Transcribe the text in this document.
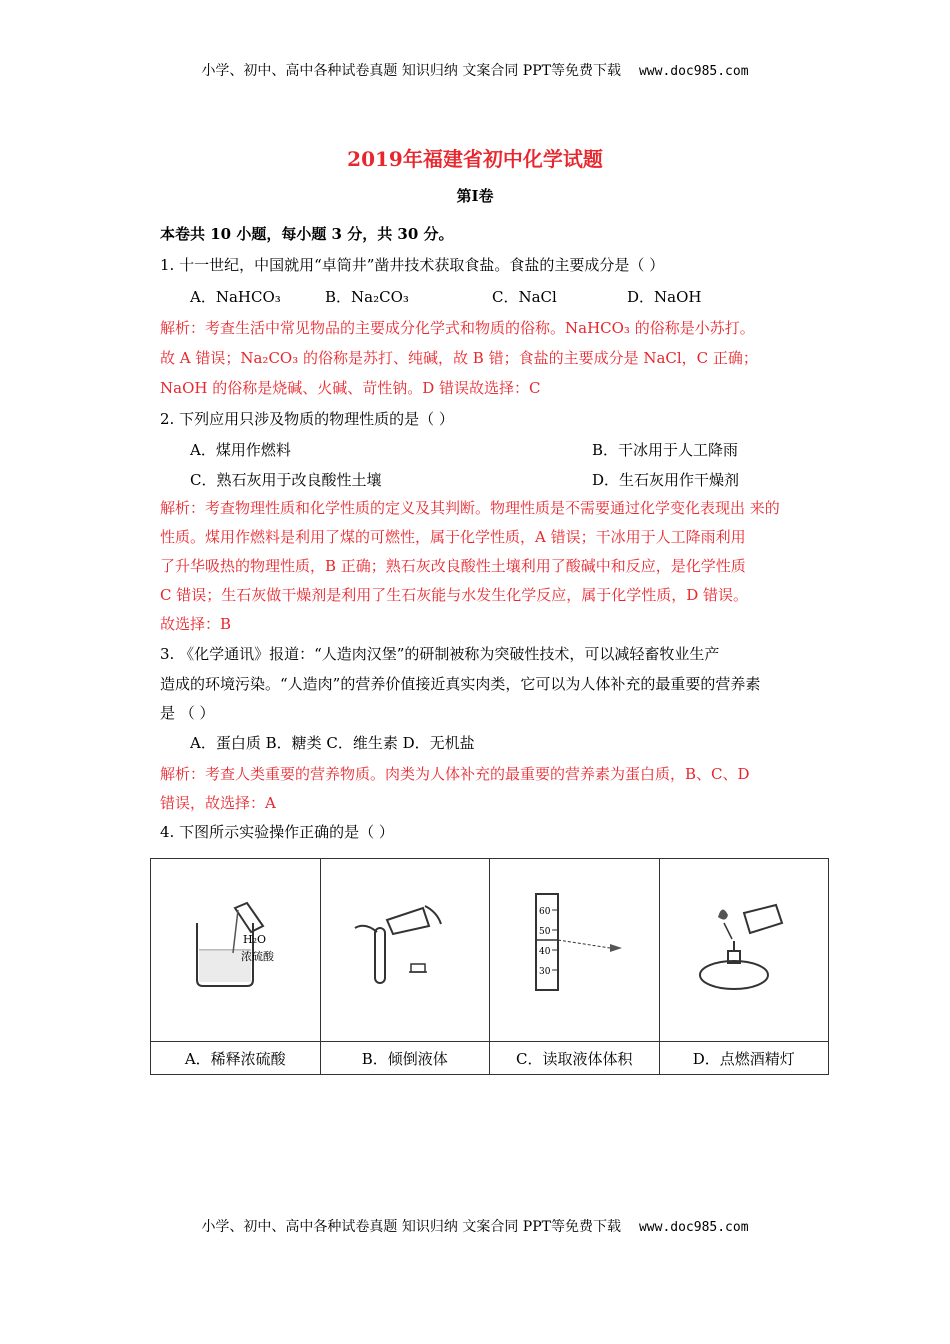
小学、初中、高中各种试卷真题 知识归纳 文案合同 PPT等免费下载 www.doc985.com
2019年福建省初中化学试题
第Ⅰ卷
本卷共 10 小题，每小题 3 分，共 30 分。
1. 十一世纪，中国就用“卓筒井”凿井技术获取食盐。食盐的主要成分是（ ）
A．NaHCO₃	B．Na₂CO₃	C．NaCl	D．NaOH
解析：考查生活中常见物品的主要成分化学式和物质的俗称。NaHCO₃ 的俗称是小苏打。
故 A 错误；Na₂CO₃ 的俗称是苏打、纯碱，故 B 错；食盐的主要成分是 NaCl，C 正确；
NaOH 的俗称是烧碱、火碱、苛性钠。D 错误故选择：C
2. 下列应用只涉及物质的物理性质的是（ ）
A．煤用作燃料	B．干冰用于人工降雨
C．熟石灰用于改良酸性土壤	D．生石灰用作干燥剂
解析：考查物理性质和化学性质的定义及其判断。物理性质是不需要通过化学变化表现出 来的
性质。煤用作燃料是利用了煤的可燃性，属于化学性质，A 错误；干冰用于人工降雨利用
了升华吸热的物理性质，B 正确；熟石灰改良酸性土壤利用了酸碱中和反应，是化学性质
C 错误；生石灰做干燥剂是利用了生石灰能与水发生化学反应，属于化学性质，D 错误。
故选择：B
3. 《化学通讯》报道：“人造肉汉堡”的研制被称为突破性技术，可以减轻畜牧业生产
造成的环境污染。“人造肉”的营养价值接近真实肉类，它可以为人体补充的最重要的营养素
是 （ ）
A．蛋白质 B．糖类 C．维生素 D．无机盐
解析：考查人类重要的营养物质。肉类为人体补充的最重要的营养素为蛋白质，B、C、D
错误，故选择：A
4. 下图所示实验操作正确的是（ ）
H₂O
浓硫酸		60
50
40
30

A．稀释浓硫酸	B．倾倒液体	C．读取液体体积	D．点燃酒精灯
小学、初中、高中各种试卷真题 知识归纳 文案合同 PPT等免费下载 www.doc985.com
